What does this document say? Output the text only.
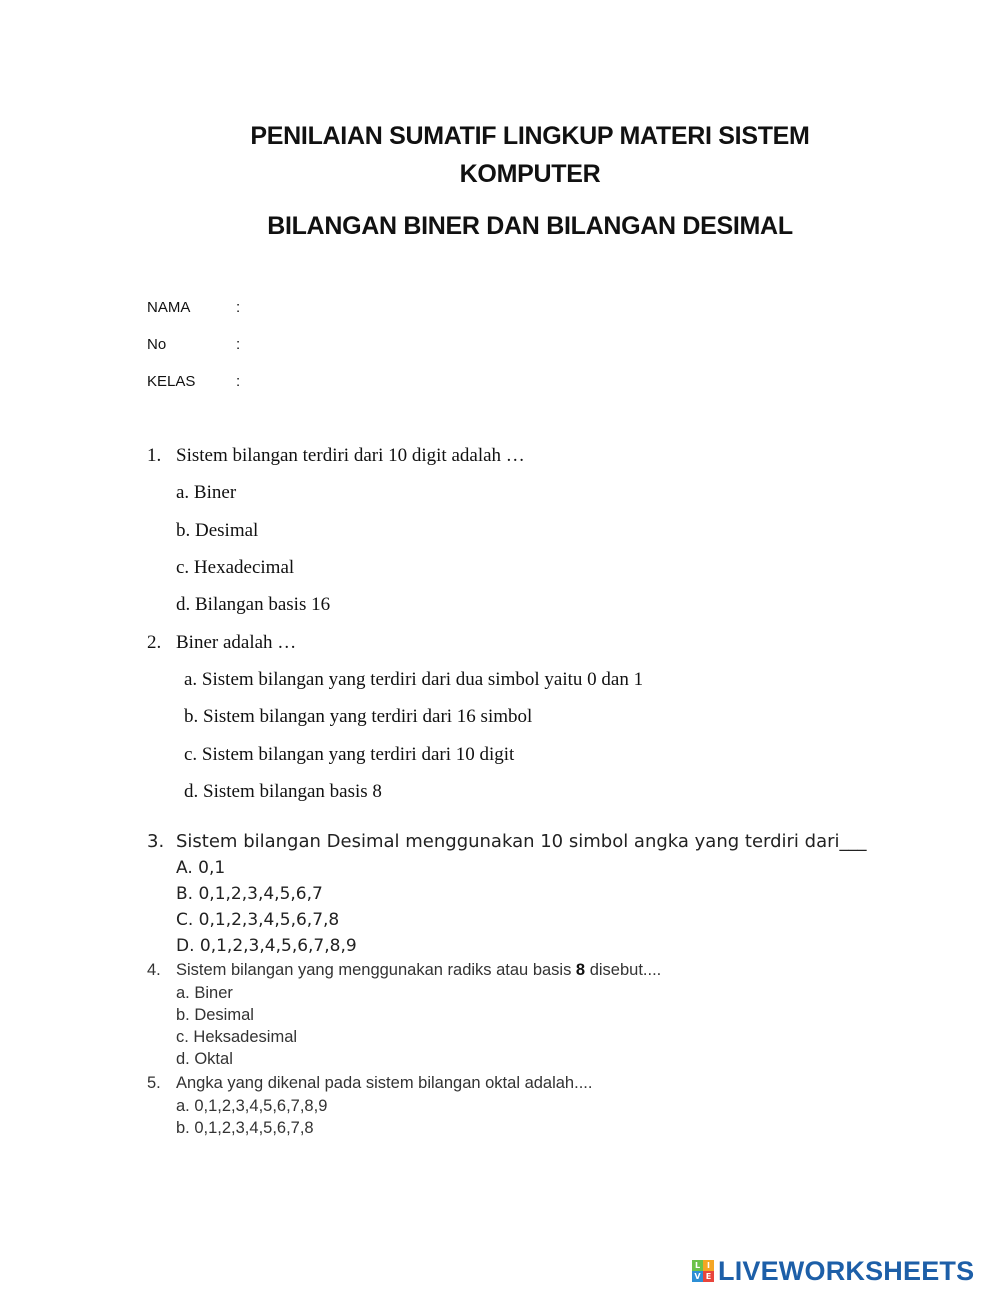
PENILAIAN SUMATIF LINGKUP MATERI SISTEM
KOMPUTER
BILANGAN BINER DAN BILANGAN DESIMAL
NAMA	:
No	:
KELAS	:
1. Sistem bilangan terdiri dari 10 digit adalah …
a. Biner
b. Desimal
c. Hexadecimal
d. Bilangan basis 16
2. Biner adalah …
a. Sistem bilangan yang terdiri dari dua simbol yaitu 0 dan 1
b. Sistem bilangan yang terdiri dari 16 simbol
c. Sistem bilangan yang terdiri dari 10 digit
d. Sistem bilangan basis 8
3. Sistem bilangan Desimal menggunakan 10 simbol angka yang terdiri dari___
A. 0,1
B. 0,1,2,3,4,5,6,7
C. 0,1,2,3,4,5,6,7,8
D. 0,1,2,3,4,5,6,7,8,9
4. Sistem bilangan yang menggunakan radiks atau basis 8 disebut....
a. Biner
b. Desimal
c. Heksadesimal
d. Oktal
5. Angka yang dikenal pada sistem bilangan oktal adalah....
a. 0,1,2,3,4,5,6,7,8,9
b. 0,1,2,3,4,5,6,7,8
L I
V E LIVEWORKSHEETS
